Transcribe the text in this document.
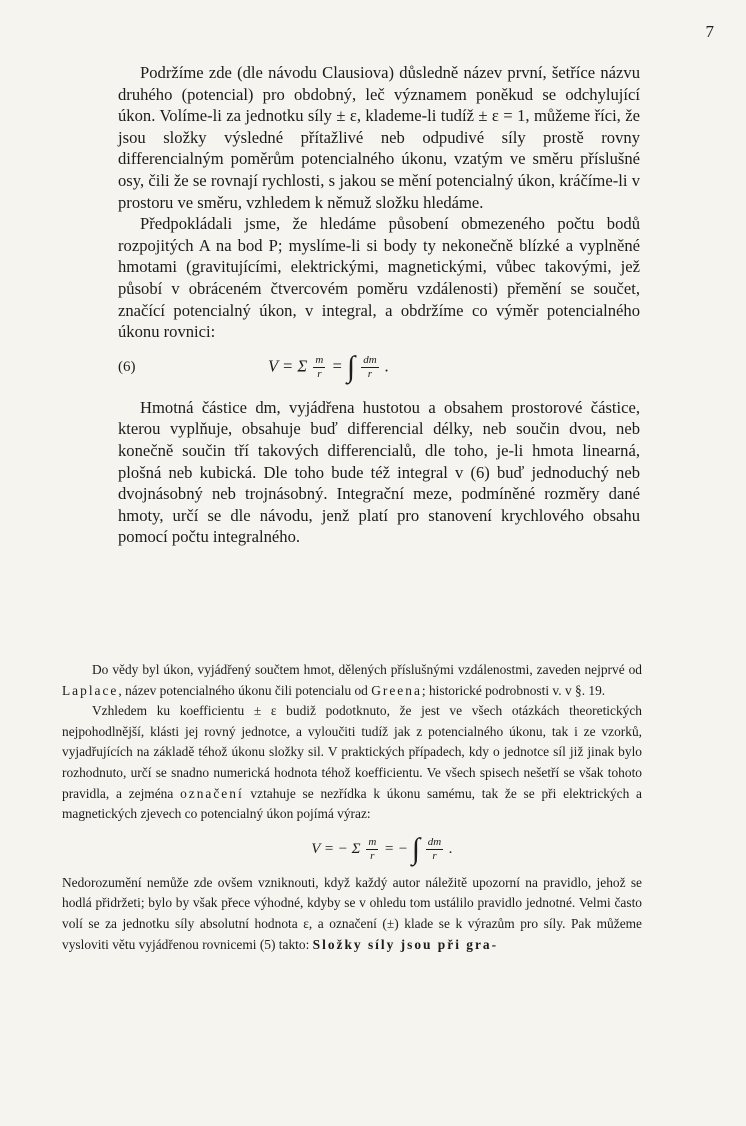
7

Podržíme zde (dle návodu Clausiova) důsledně název první, šetříce názvu druhého (potencial) pro obdobný, leč významem poněkud se odchylující úkon. Volíme-li za jednotku síly ± ε, klademe-li tudíž ± ε = 1, můžeme říci, že jsou složky výsledné přítažlivé neb odpudivé síly prostě rovny differencialným poměrům potencialného úkonu, vzatým ve směru příslušné osy, čili že se rovnají rychlosti, s jakou se mění potencialný úkon, kráčíme-li v prostoru ve směru, vzhledem k němuž složku hledáme.

Předpokládali jsme, že hledáme působení obmezeného počtu bodů rozpojitých A na bod P; myslíme-li si body ty nekonečně blízké a vyplněné hmotami (gravitujícími, elektrickými, magnetickými, vůbec takovými, jež působí v obráceném čtvercovém poměru vzdálenosti) přemění se součet, značící potencialný úkon, v integral, a obdržíme co výměr potencialného úkonu rovnici:

(6)	V = Σ $\frac{m}{r}$ = ∫ $\frac{dm}{r}$ .

Hmotná částice dm, vyjádřena hustotou a obsahem prostorové částice, kterou vyplňuje, obsahuje buď differencial délky, neb součin dvou, neb konečně součin tří takových differencialů, dle toho, je-li hmota linearná, plošná neb kubická. Dle toho bude též integral v (6) buď jednoduchý neb dvojnásobný neb trojnásobný. Integrační meze, podmíněné rozměry dané hmoty, určí se dle návodu, jenž platí pro stanovení krychlového obsahu pomocí počtu integralného.

Do vědy byl úkon, vyjádřený součtem hmot, dělených příslušnými vzdálenostmi, zaveden nejprvé od Laplace, název potencialného úkonu čili potencialu od Greena; historické podrobnosti v. v §. 19.

Vzhledem ku koefficientu ± ε budiž podotknuto, že jest ve všech otázkách theoretických nejpohodlnější, klásti jej rovný jednotce, a vyloučiti tudíž jak z potencialného úkonu, tak i ze vzorků, vyjadřujících na základě téhož úkonu složky sil. V praktických případech, kdy o jednotce síl již jinak bylo rozhodnuto, určí se snadno numerická hodnota téhož koefficientu. Ve všech spisech nešetří se však tohoto pravidla, a zejména označení vztahuje se nezřídka k úkonu samému, tak že se při elektrických a magnetických zjevech co potencialný úkon pojímá výraz:

V = − Σ $\frac{m}{r}$ = − ∫ $\frac{dm}{r}$ .

Nedorozumění nemůže zde ovšem vzniknouti, když každý autor náležitě upozorní na pravidlo, jehož se hodlá přidržeti; bylo by však přece výhodné, kdyby se v ohledu tom ustálilo pravidlo jednotné. Velmi často volí se za jednotku síly absolutní hodnota ε, a označení (±) klade se k výrazům pro síly. Pak můžeme vysloviti větu vyjádřenou rovnicemi (5) takto: Složky síly jsou při gra-
